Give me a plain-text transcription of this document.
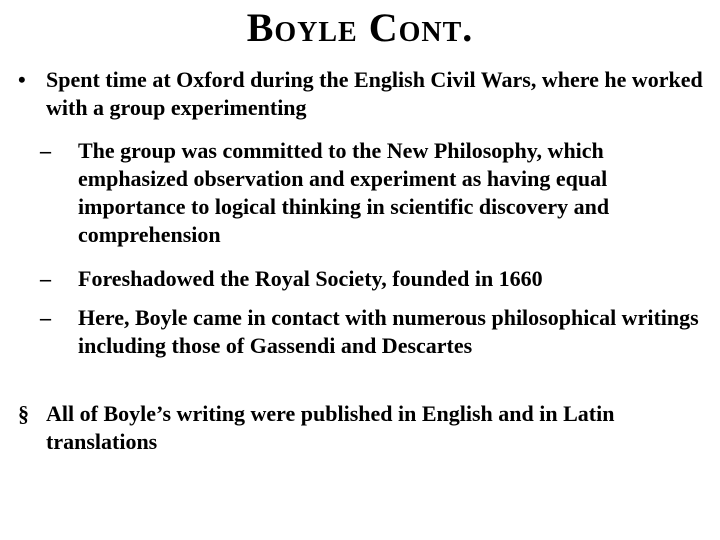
Boyle Cont.
• Spent time at Oxford during the English Civil Wars, where he worked with a group experimenting
– The group was committed to the New Philosophy, which emphasized observation and experiment as having equal importance to logical thinking in scientific discovery and comprehension
– Foreshadowed the Royal Society, founded in 1660
– Here, Boyle came in contact with numerous philosophical writings including those of Gassendi and Descartes
§ All of Boyle’s writing were published in English and in Latin translations
